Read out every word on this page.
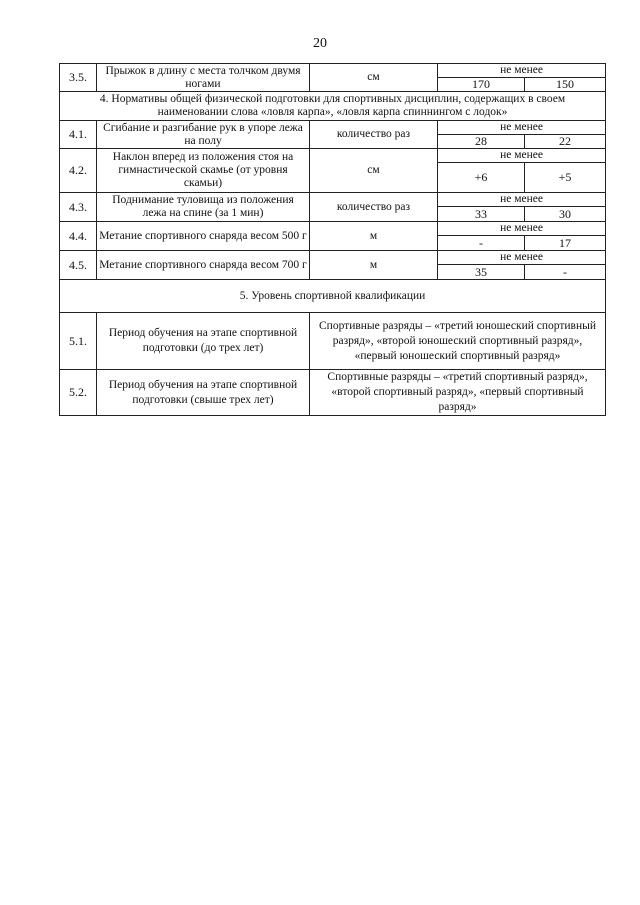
20
3.5.	Прыжок в длину с места толчком двумя ногами	см	не менее	
			170	150
4. Нормативы общей физической подготовки для спортивных дисциплин, содержащих в своем наименовании слова «ловля карпа», «ловля карпа спиннингом с лодок»				
4.1.	Сгибание и разгибание рук в упоре лежа на полу	количество раз	не менее	
			28	22
4.2.	Наклон вперед из положения стоя на гимнастической скамье (от уровня скамьи)	см	не менее	
			+6	+5
4.3.	Поднимание туловища из положения лежа на спине (за 1 мин)	количество раз	не менее	
			33	30
4.4.	Метание спортивного снаряда весом 500 г	м	не менее	
			-	17
4.5.	Метание спортивного снаряда весом 700 г	м	не менее	
			35	-
5. Уровень спортивной квалификации				
5.1.	Период обучения на этапе спортивной подготовки (до трех лет)	Спортивные разряды – «третий юношеский спортивный разряд», «второй юношеский спортивный разряд», «первый юношеский спортивный разряд»		
5.2.	Период обучения на этапе спортивной подготовки (свыше трех лет)	Спортивные разряды – «третий спортивный разряд», «второй спортивный разряд», «первый спортивный разряд»		
